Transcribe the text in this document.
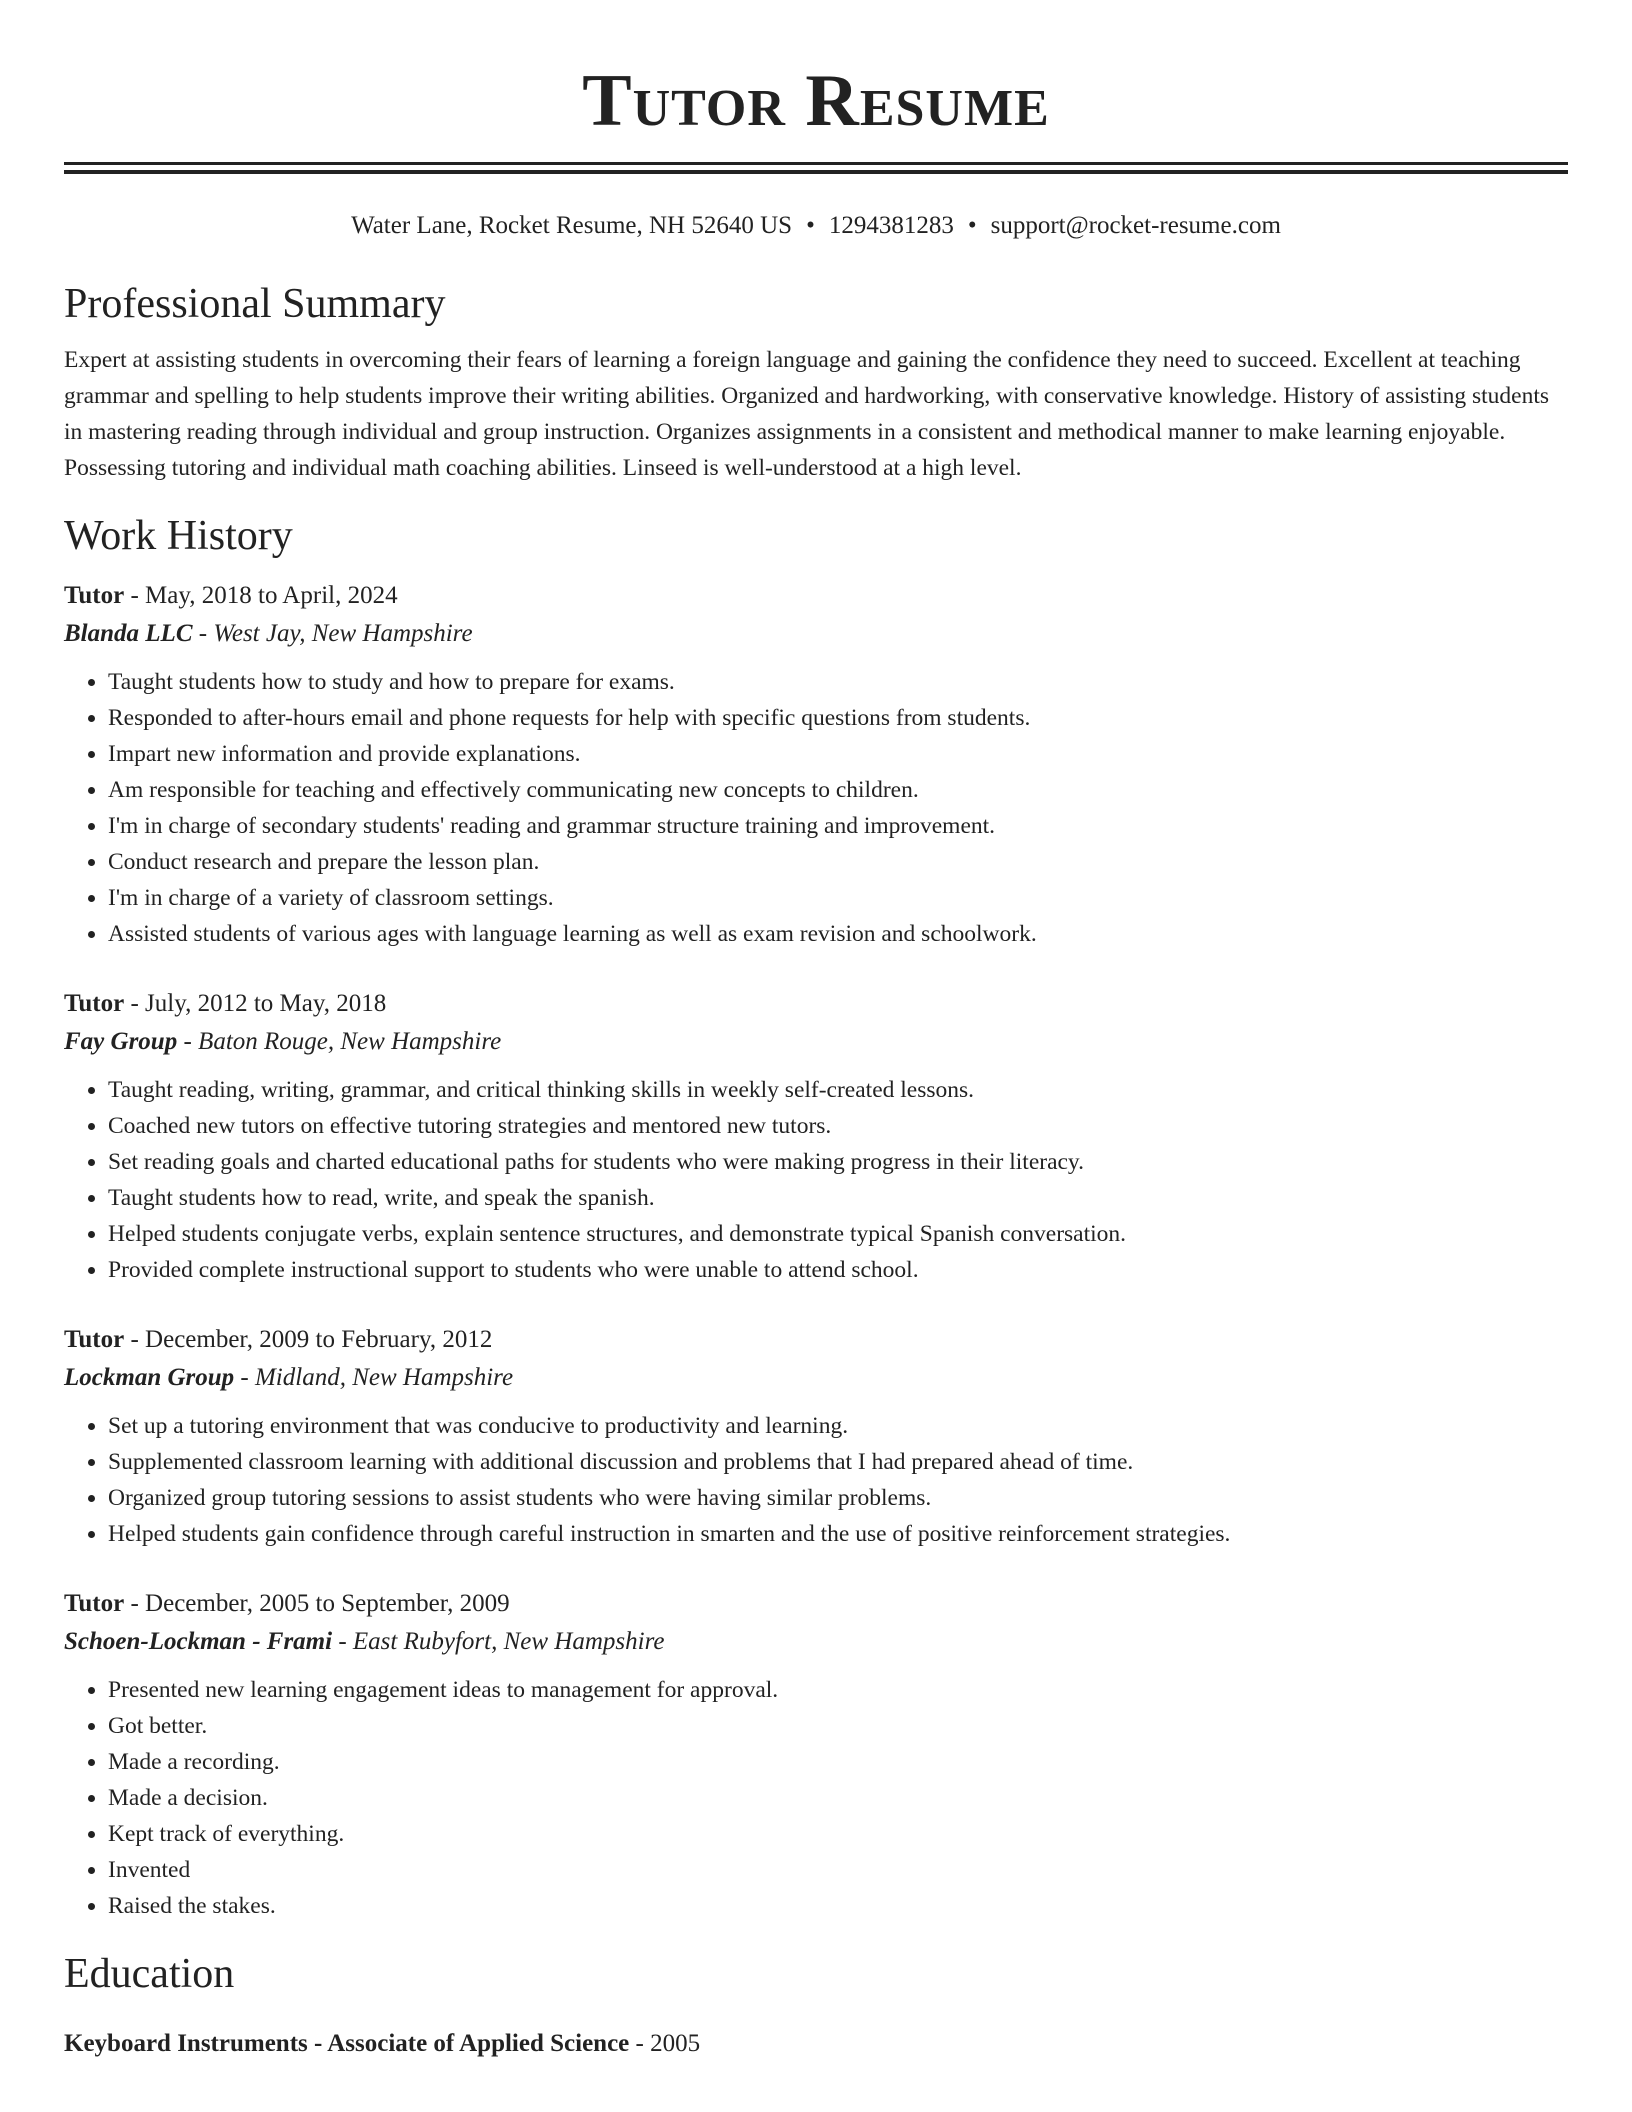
Tutor Resume
Water Lane, Rocket Resume, NH 52640 US • 1294381283 • support@rocket-resume.com
Professional Summary
Expert at assisting students in overcoming their fears of learning a foreign language and gaining the confidence they need to succeed. Excellent at teaching grammar and spelling to help students improve their writing abilities. Organized and hardworking, with conservative knowledge. History of assisting students in mastering reading through individual and group instruction. Organizes assignments in a consistent and methodical manner to make learning enjoyable. Possessing tutoring and individual math coaching abilities. Linseed is well-understood at a high level.
Work History
Tutor - May, 2018 to April, 2024
Blanda LLC - West Jay, New Hampshire
• Taught students how to study and how to prepare for exams.
• Responded to after-hours email and phone requests for help with specific questions from students.
• Impart new information and provide explanations.
• Am responsible for teaching and effectively communicating new concepts to children.
• I'm in charge of secondary students' reading and grammar structure training and improvement.
• Conduct research and prepare the lesson plan.
• I'm in charge of a variety of classroom settings.
• Assisted students of various ages with language learning as well as exam revision and schoolwork.
Tutor - July, 2012 to May, 2018
Fay Group - Baton Rouge, New Hampshire
• Taught reading, writing, grammar, and critical thinking skills in weekly self-created lessons.
• Coached new tutors on effective tutoring strategies and mentored new tutors.
• Set reading goals and charted educational paths for students who were making progress in their literacy.
• Taught students how to read, write, and speak the spanish.
• Helped students conjugate verbs, explain sentence structures, and demonstrate typical Spanish conversation.
• Provided complete instructional support to students who were unable to attend school.
Tutor - December, 2009 to February, 2012
Lockman Group - Midland, New Hampshire
• Set up a tutoring environment that was conducive to productivity and learning.
• Supplemented classroom learning with additional discussion and problems that I had prepared ahead of time.
• Organized group tutoring sessions to assist students who were having similar problems.
• Helped students gain confidence through careful instruction in smarten and the use of positive reinforcement strategies.
Tutor - December, 2005 to September, 2009
Schoen-Lockman - Frami - East Rubyfort, New Hampshire
• Presented new learning engagement ideas to management for approval.
• Got better.
• Made a recording.
• Made a decision.
• Kept track of everything.
• Invented
• Raised the stakes.
Education
Keyboard Instruments - Associate of Applied Science - 2005
